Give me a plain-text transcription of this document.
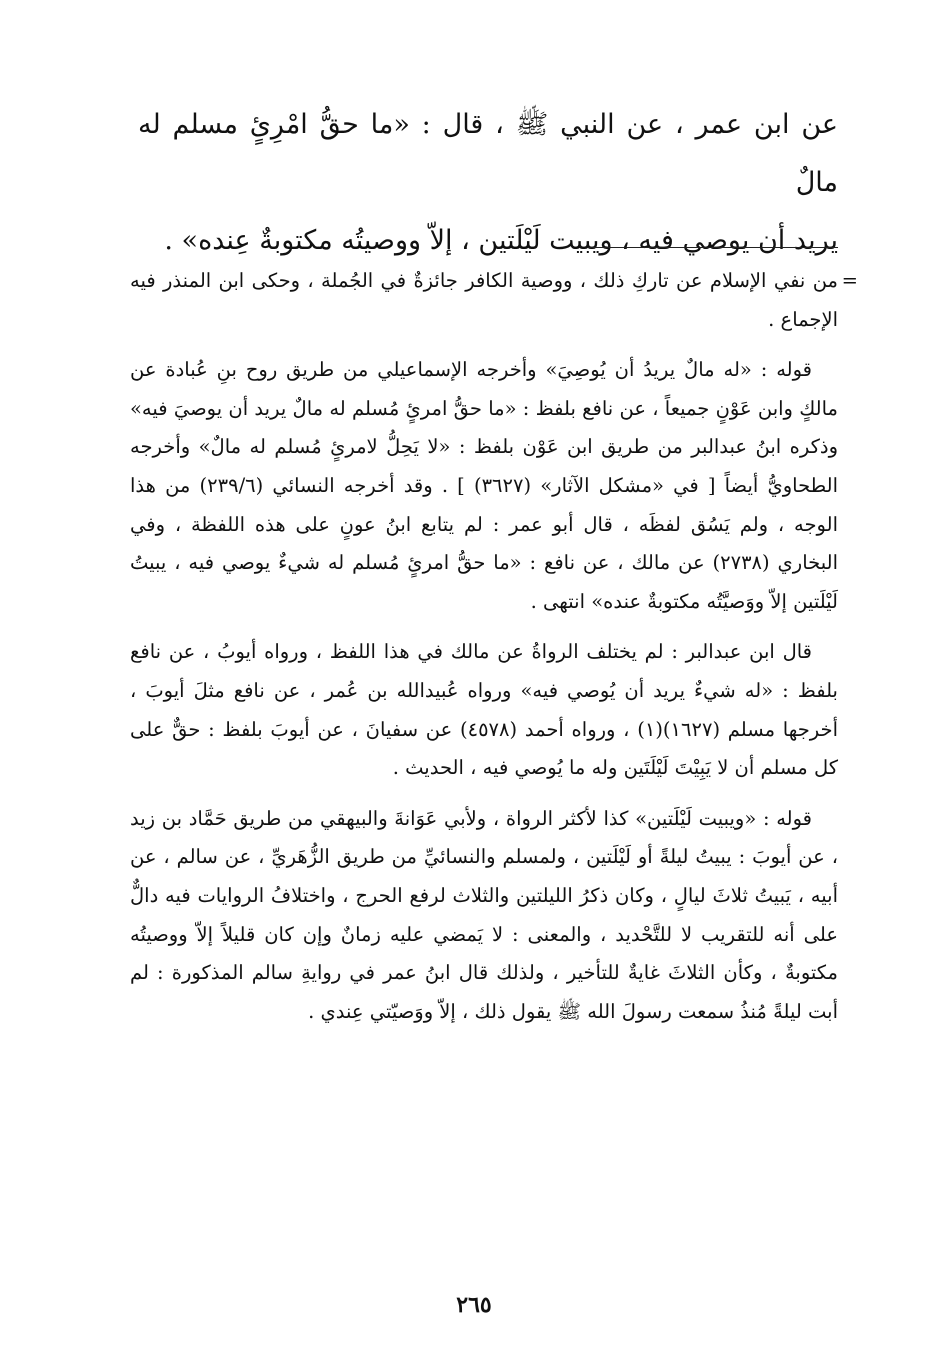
عن ابن عمر ، عن النبي ﷺ ، قال : «ما حقُّ امْرِئٍ مسلم له مالٌ

يريد أن يوصي فيه ، ويبيت لَيْلَتين ، إلاّ ووصيتُه مكتوبةٌ عِنده» .

=
من نفي الإسلام عن تاركِ ذلك ، ووصية الكافر جائزةٌ في الجُملة ، وحكى ابن المنذر فيه الإجماع .

قوله : «له مالٌ يريدُ أن يُوصِيَ» وأخرجه الإسماعيلي من طريق روح بنِ عُبادة عن مالكٍ وابن عَوْنٍ جميعاً ، عن نافع بلفظ : «ما حقُّ امرئٍ مُسلم له مالٌ يريد أن يوصيَ فيه» وذكره ابنُ عبدالبر من طريق ابن عَوْن بلفظ : «لا يَحِلُّ لامرئٍ مُسلم له مالٌ» وأخرجه الطحاويُّ أيضاً [ في «مشكل الآثار» (٣٦٢٧) ] . وقد أخرجه النسائي (٢٣٩/٦) من هذا الوجه ، ولم يَسُق لفظَه ، قال أبو عمر : لم يتابع ابنُ عونٍ على هذه اللفظة ، وفي البخاري (٢٧٣٨) عن مالك ، عن نافع : «ما حقُّ امرئٍ مُسلم له شيءٌ يوصي فيه ، يبيتُ لَيْلَتين إلاّ ووَصيَّتُه مكتوبةٌ عنده» انتهى .

قال ابن عبدالبر : لم يختلف الرواةُ عن مالك في هذا اللفظ ، ورواه أيوبُ ، عن نافع بلفظ : «له شيءٌ يريد أن يُوصي فيه» ورواه عُبيدالله بن عُمر ، عن نافع مثلَ أيوبَ ، أخرجها مسلم (١٦٢٧)(١) ، ورواه أحمد (٤٥٧٨) عن سفيانَ ، عن أيوبَ بلفظ : حقٌّ على كل مسلم أن لا يَبِيْتَ لَيْلَتَين وله ما يُوصي فيه ، الحديث .

قوله : «ويبيت لَيْلَتين» كذا لأكثر الرواة ، ولأبي عَوَانةَ والبيهقي من طريق حَمَّاد بن زيد ، عن أيوبَ : يبيتُ ليلةً أو لَيْلَتين ، ولمسلم والنسائيِّ من طريق الزُّهَريِّ ، عن سالم ، عن أبيه ، يَبيتُ ثلاثَ ليالٍ ، وكان ذكرُ الليلتين والثلاث لرفع الحرج ، واختلافُ الروايات فيه دالٌّ على أنه للتقريب لا للتَّحْديد ، والمعنى : لا يَمضي عليه زمانٌ وإن كان قليلاً إلاّ ووصيتُه مكتوبةٌ ، وكأن الثلاثَ غايةٌ للتأخير ، ولذلك قال ابنُ عمر في روايةِ سالم المذكورة : لم أبت ليلةً مُنذُ سمعت رسولَ الله ﷺ يقول ذلك ، إلاّ ووَصيّتي عِندي .

٢٦٥
